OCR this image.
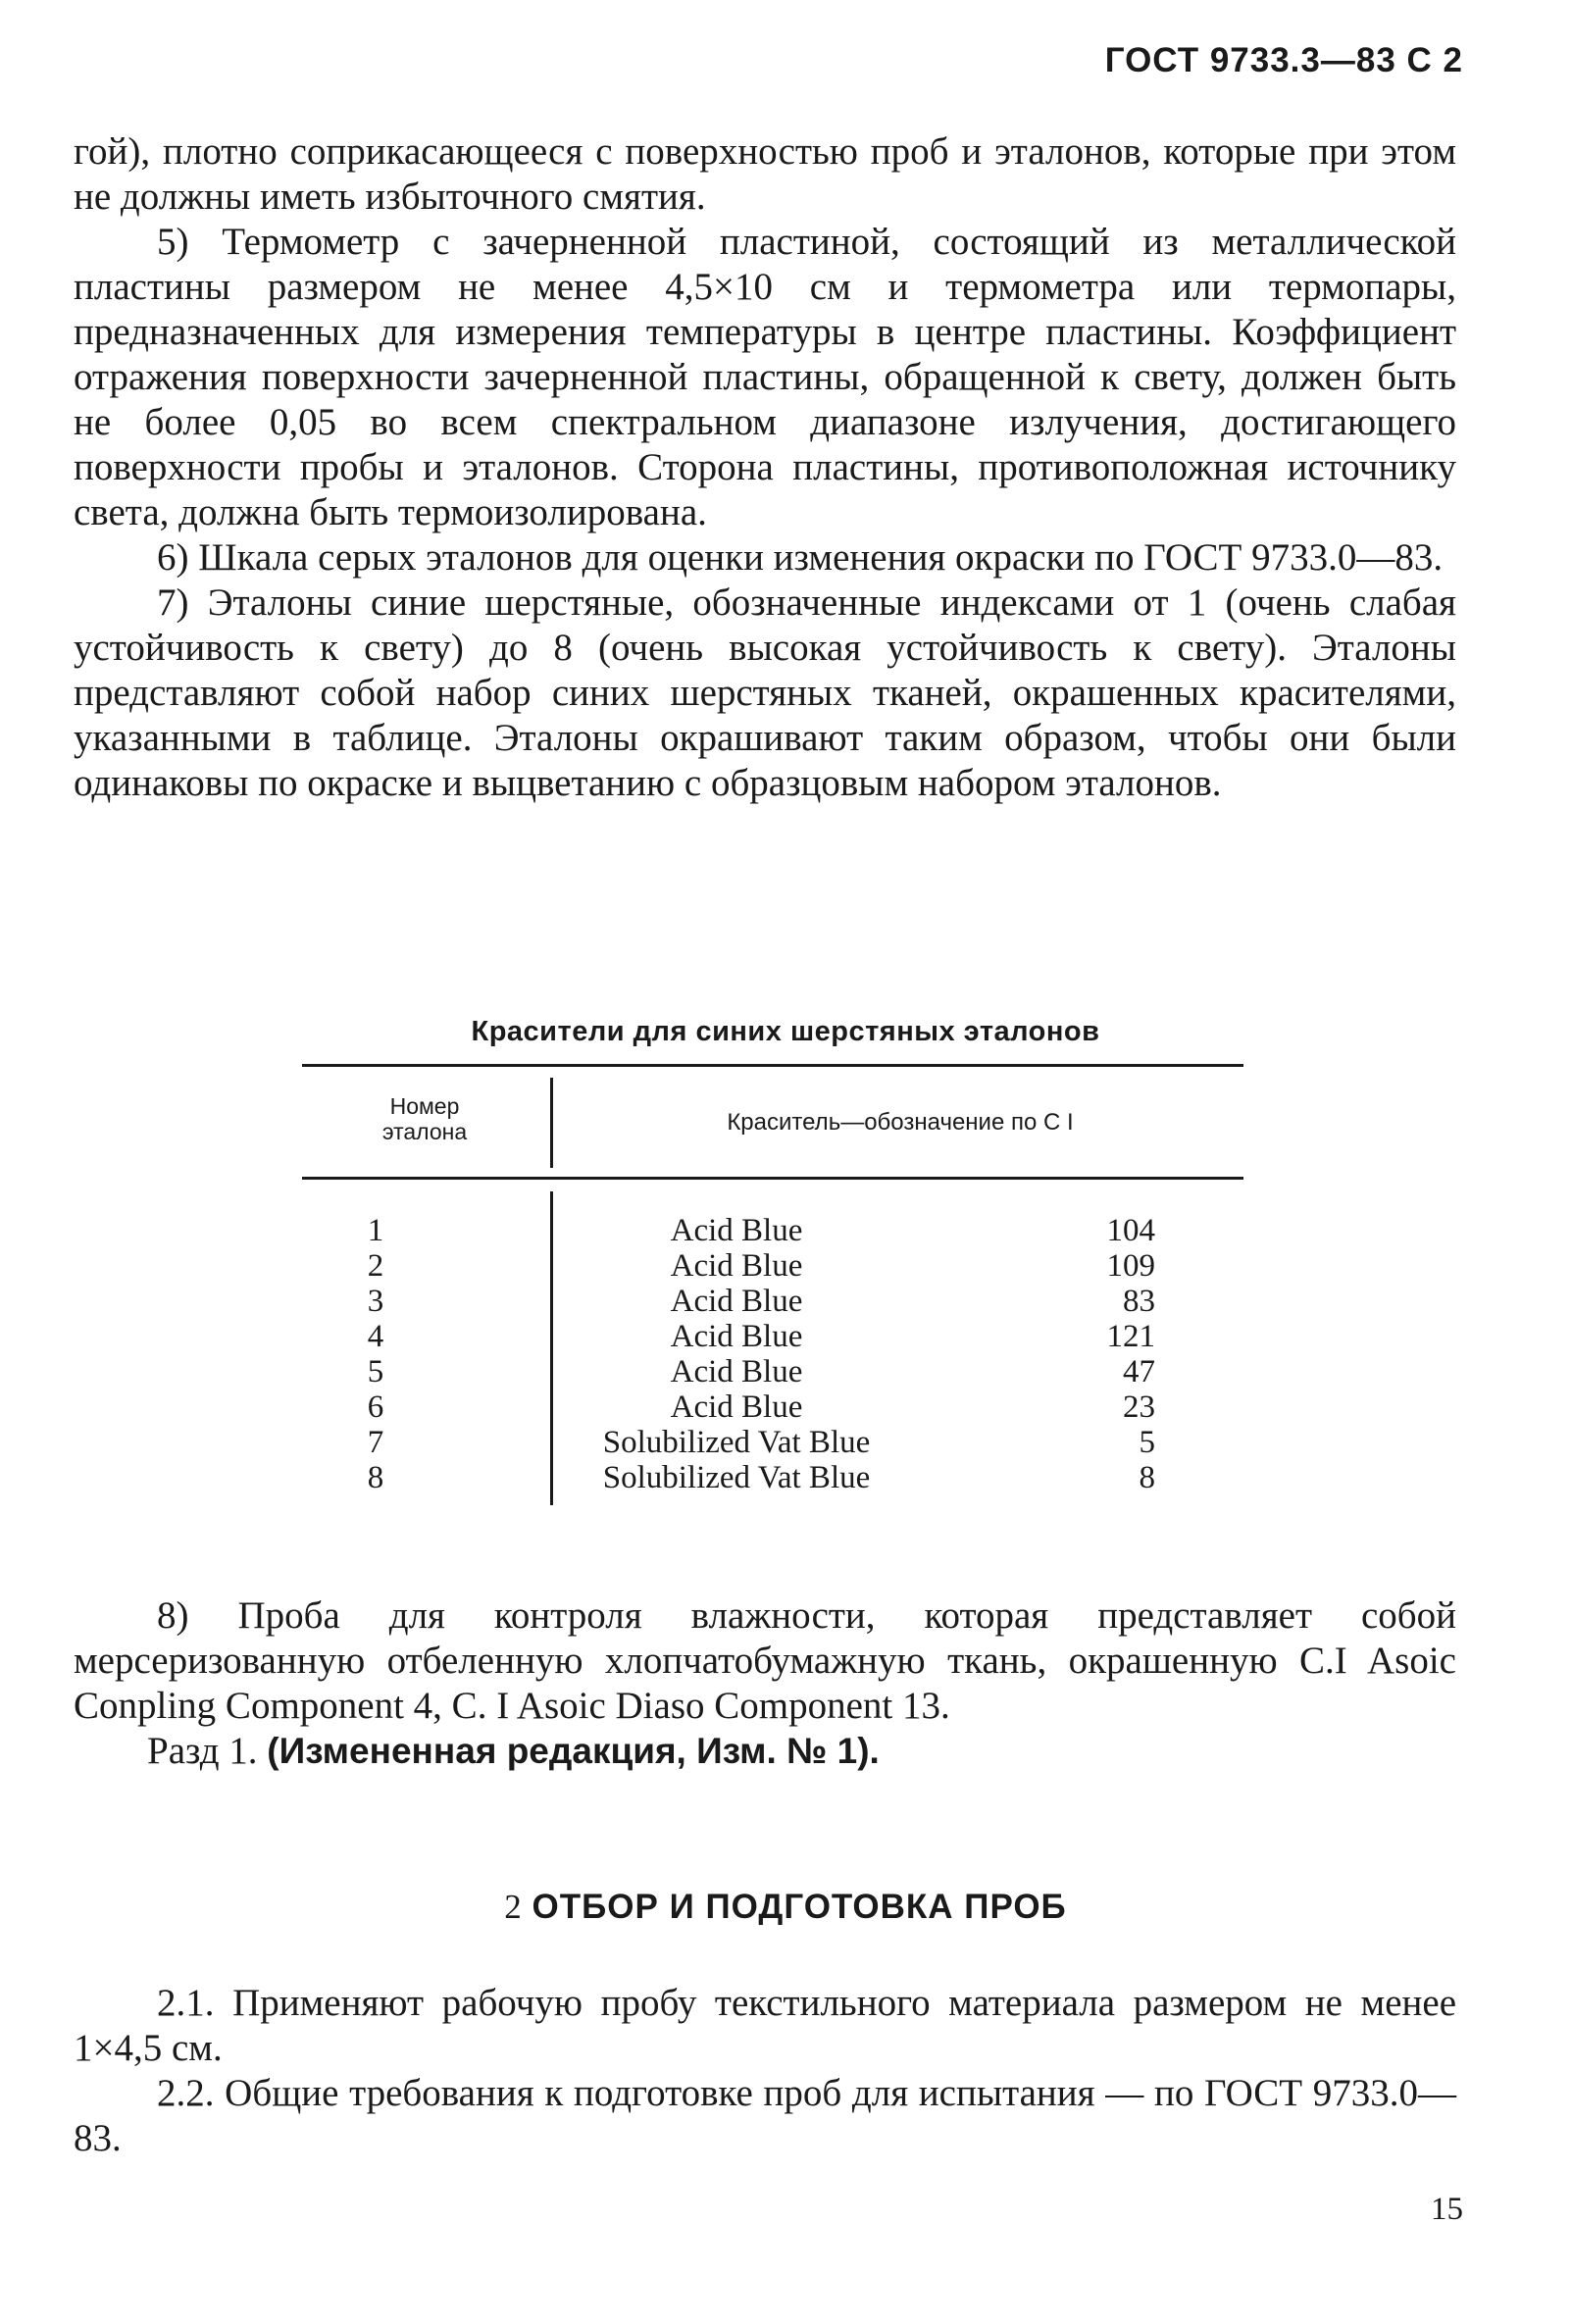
ГОСТ 9733.3—83 С 2

гой), плотно соприкасающееся с поверхностью проб и эталонов, которые при этом не должны иметь избыточного смятия.

5) Термометр с зачерненной пластиной, состоящий из металлической пластины размером не менее 4,5×10 см и термометра или термопары, предназначенных для измерения температуры в центре пластины. Коэффициент отражения поверхности зачерненной пластины, обращенной к свету, должен быть не более 0,05 во всем спектральном диапазоне излучения, достигающего поверхности пробы и эталонов. Сторона пластины, противоположная источнику света, должна быть термоизолирована.

6) Шкала серых эталонов для оценки изменения окраски по ГОСТ 9733.0—83.

7) Эталоны синие шерстяные, обозначенные индексами от 1 (очень слабая устойчивость к свету) до 8 (очень высокая устойчивость к свету). Эталоны представляют собой набор синих шерстяных тканей, окрашенных красителями, указанными в таблице. Эталоны окрашивают таким образом, чтобы они были одинаковы по окраске и выцветанию с образцовым набором эталонов.

Красители для синих шерстяных эталонов
Номер
эталона	Краситель—обозначение по С I
1	Acid Blue	104
2	Acid Blue	109
3	Acid Blue	83
4	Acid Blue	121
5	Acid Blue	47
6	Acid Blue	23
7	Solubilized Vat Blue	5
8	Solubilized Vat Blue	8

8) Проба для контроля влажности, которая представляет собой мерсеризованную отбеленную хлопчатобумажную ткань, окрашенную C.I Asoic Conpling Component 4, C. I Asoic Diaso Component 13.

Разд 1. (Измененная редакция, Изм. № 1).

2 ОТБОР И ПОДГОТОВКА ПРОБ

2.1. Применяют рабочую пробу текстильного материала размером не менее 1×4,5 см.

2.2. Общие требования к подготовке проб для испытания — по ГОСТ 9733.0—83.

15
